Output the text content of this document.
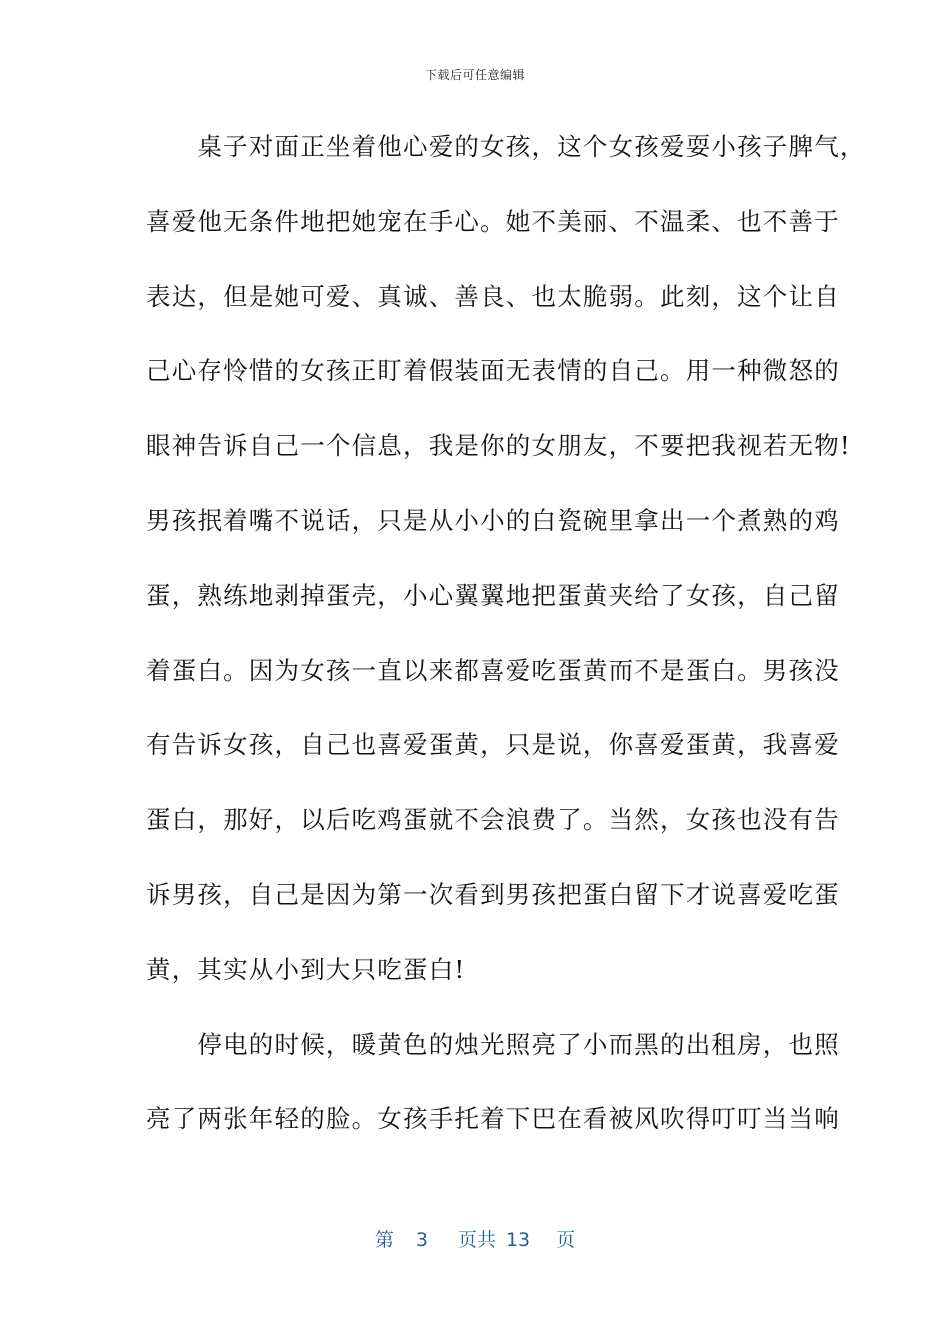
下载后可任意编辑
　　桌子对面正坐着他心爱的女孩，这个女孩爱耍小孩子脾气，
喜爱他无条件地把她宠在手心。她不美丽、不温柔、也不善于
表达，但是她可爱、真诚、善良、也太脆弱。此刻，这个让自
己心存怜惜的女孩正盯着假装面无表情的自己。用一种微怒的
眼神告诉自己一个信息，我是你的女朋友，不要把我视若无物!
男孩抿着嘴不说话，只是从小小的白瓷碗里拿出一个煮熟的鸡
蛋，熟练地剥掉蛋壳，小心翼翼地把蛋黄夹给了女孩，自己留
着蛋白。因为女孩一直以来都喜爱吃蛋黄而不是蛋白。男孩没
有告诉女孩，自己也喜爱蛋黄，只是说，你喜爱蛋黄，我喜爱
蛋白，那好，以后吃鸡蛋就不会浪费了。当然，女孩也没有告
诉男孩，自己是因为第一次看到男孩把蛋白留下才说喜爱吃蛋
黄，其实从小到大只吃蛋白!
　　停电的时候，暖黄色的烛光照亮了小而黑的出租房，也照
亮了两张年轻的脸。女孩手托着下巴在看被风吹得叮叮当当响
第 3 页共 13 页
